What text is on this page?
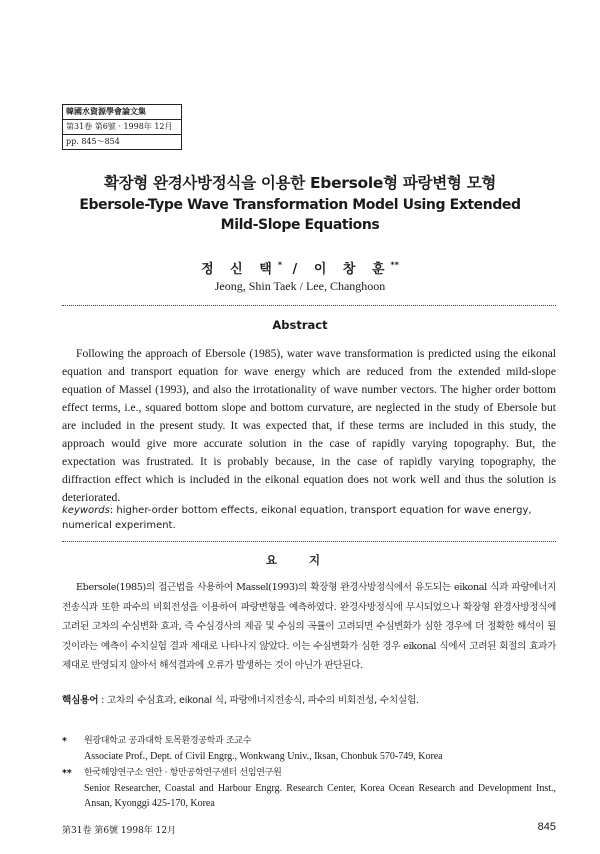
韓國水資源學會論文集
第31卷 第6號 · 1998年 12月
pp. 845～854
확장형 완경사방정식을 이용한 Ebersole형 파랑변형 모형
Ebersole-Type Wave Transformation Model Using Extended Mild-Slope Equations
정 신 택* / 이 창 훈**
Jeong, Shin Taek / Lee, Changhoon
Abstract
Following the approach of Ebersole (1985), water wave transformation is predicted using the eikonal equation and transport equation for wave energy which are reduced from the extended mild-slope equation of Massel (1993), and also the irrotationality of wave number vectors. The higher order bottom effect terms, i.e., squared bottom slope and bottom curvature, are neglected in the study of Ebersole but are included in the present study. It was expected that, if these terms are included in this study, the approach would give more accurate solution in the case of rapidly varying topography. But, the expectation was frustrated. It is probably because, in the case of rapidly varying topography, the diffraction effect which is included in the eikonal equation does not work well and thus the solution is deteriorated.
keywords: higher-order bottom effects, eikonal equation, transport equation for wave energy, numerical experiment.
요 지
Ebersole(1985)의 접근법을 사용하여 Massel(1993)의 확장형 완경사방정식에서 유도되는 eikonal 식과 파랑에너지전송식과 또한 파수의 비회전성을 이용하여 파랑변형을 예측하였다. 완경사방정식에 무시되었으나 확장형 완경사방정식에 고려된 고차의 수심변화 효과, 즉 수심경사의 제곱 및 수심의 곡률이 고려되면 수심변화가 심한 경우에 더 정확한 해석이 될 것이라는 예측이 수치실험 결과 제대로 나타나지 않았다. 이는 수심변화가 심한 경우 eikonal 식에서 고려된 회절의 효과가 제대로 반영되지 않아서 해석결과에 오류가 발생하는 것이 아닌가 판단된다.
핵심용어 : 고차의 수심효과, eikonal 식, 파랑에너지전송식, 파수의 비회전성, 수치실험.
*	원광대학교 공과대학 토목환경공학과 조교수
Associate Prof., Dept. of Civil Engrg., Wonkwang Univ., Iksan, Chonbuk 570-749, Korea
**	한국해양연구소 연안 · 항만공학연구센터 선임연구원
Senior Researcher, Coastal and Harbour Engrg. Research Center, Korea Ocean Research and Development Inst., Ansan, Kyonggi 425-170, Korea
第31卷 第6號 1998年 12月	845
